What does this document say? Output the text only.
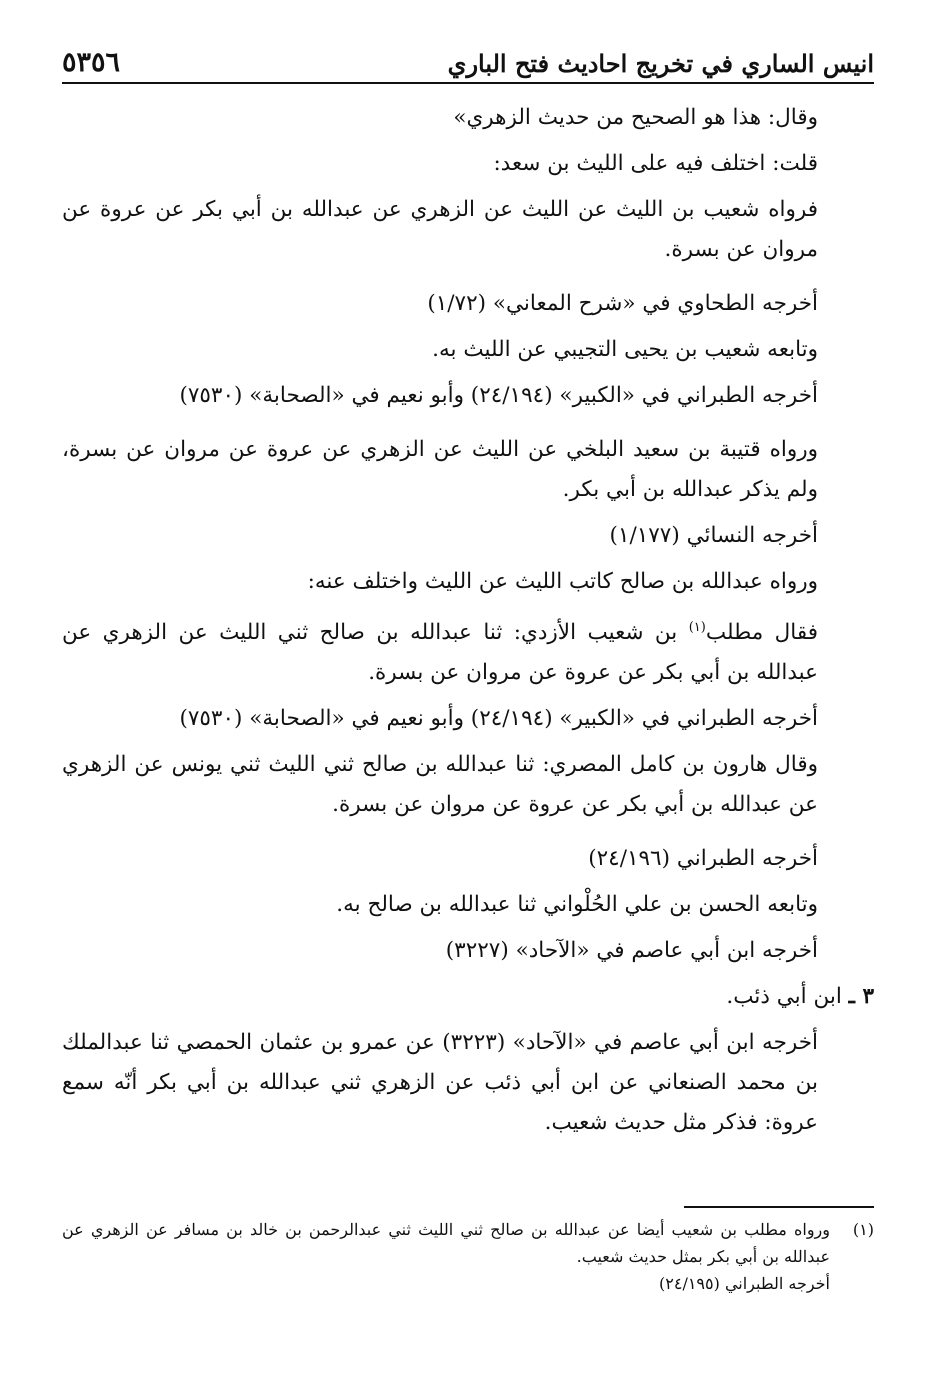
انيس الساري في تخريج احاديث فتح الباري
٥٣٥٦

وقال: هذا هو الصحيح من حديث الزهري»

قلت: اختلف فيه على الليث بن سعد:

فرواه شعيب بن الليث عن الليث عن الزهري عن عبدالله بن أبي بكر عن عروة عن مروان عن بسرة.

أخرجه الطحاوي في «شرح المعاني» (١/٧٢)

وتابعه شعيب بن يحيى التجيبي عن الليث به.

أخرجه الطبراني في «الكبير» (٢٤/١٩٤) وأبو نعيم في «الصحابة» (٧٥٣٠)

ورواه قتيبة بن سعيد البلخي عن الليث عن الزهري عن عروة عن مروان عن بسرة، ولم يذكر عبدالله بن أبي بكر.

أخرجه النسائي (١/١٧٧)

ورواه عبدالله بن صالح كاتب الليث عن الليث واختلف عنه:

فقال مطلب$^{(١)}$ بن شعيب الأزدي: ثنا عبدالله بن صالح ثني الليث عن الزهري عن عبدالله بن أبي بكر عن عروة عن مروان عن بسرة.

أخرجه الطبراني في «الكبير» (٢٤/١٩٤) وأبو نعيم في «الصحابة» (٧٥٣٠)

وقال هارون بن كامل المصري: ثنا عبدالله بن صالح ثني الليث ثني يونس عن الزهري عن عبدالله بن أبي بكر عن عروة عن مروان عن بسرة.

أخرجه الطبراني (٢٤/١٩٦)

وتابعه الحسن بن علي الحُلْواني ثنا عبدالله بن صالح به.

أخرجه ابن أبي عاصم في «الآحاد» (٣٢٢٧)

٣ ـ ابن أبي ذئب.

أخرجه ابن أبي عاصم في «الآحاد» (٣٢٢٣) عن عمرو بن عثمان الحمصي ثنا عبدالملك بن محمد الصنعاني عن ابن أبي ذئب عن الزهري ثني عبدالله بن أبي بكر أنّه سمع عروة: فذكر مثل حديث شعيب.

(١)
ورواه مطلب بن شعيب أيضا عن عبدالله بن صالح ثني الليث ثني عبدالرحمن بن خالد بن مسافر عن الزهري عن عبدالله بن أبي بكر بمثل حديث شعيب.
أخرجه الطبراني (٢٤/١٩٥)
